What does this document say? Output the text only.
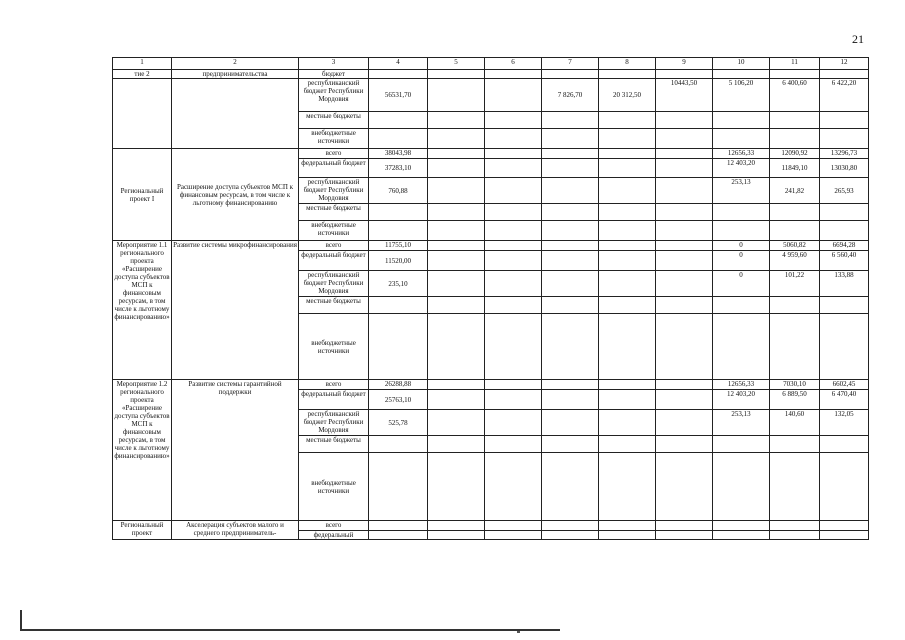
21
1	2	3	4	5	6	7	8	9	10	11	12
тие 2	предпринимательства	бюджет									
		республиканский бюджет Республики Мордовия	56531,70			7 826,70	20 312,50	10443,50	5 106,20	6 400,60	6 422,20
		местные бюджеты									
		внебюджетные источники									
Региональный проект I	Расширение доступа субъектов МСП к финансовым ресурсам, в том числе к льготному финансированию	всего	38043,98						12656,33	12090,92	13296,73
		федеральный бюджет	37283,10						12 403,20	11849,10	13030,80
		республиканский бюджет Республики Мордовия	760,88						253,13	241,82	265,93
		местные бюджеты									
		внебюджетные источники									
Мероприятие 1.1 регионального проекта «Расширение доступа субъектов МСП к финансовым ресурсам, в том числе к льготному финансированию»	Развитие системы микрофинансирования	всего	11755,10						0	5060,82	6694,28
		федеральный бюджет	11520,00						0	4 959,60	6 560,40
		республиканский бюджет Республики Мордовия	235,10						0	101,22	133,88
		местные бюджеты									
		внебюджетные источники									
Мероприятие 1.2 регионального проекта «Расширение доступа субъектов МСП к финансовым ресурсам, в том числе к льготному финансированию»	Развитие системы гарантийной поддержки	всего	26288,88						12656,33	7030,10	6602,45
		федеральный бюджет	25763,10						12 403,20	6 889,50	6 470,40
		республиканский бюджет Республики Мордовия	525,78						253,13	140,60	132,05
		местные бюджеты									
		внебюджетные источники									
Региональный проект	Акселерация субъектов малого и среднего предприниматель-	всего									
		федеральный									
